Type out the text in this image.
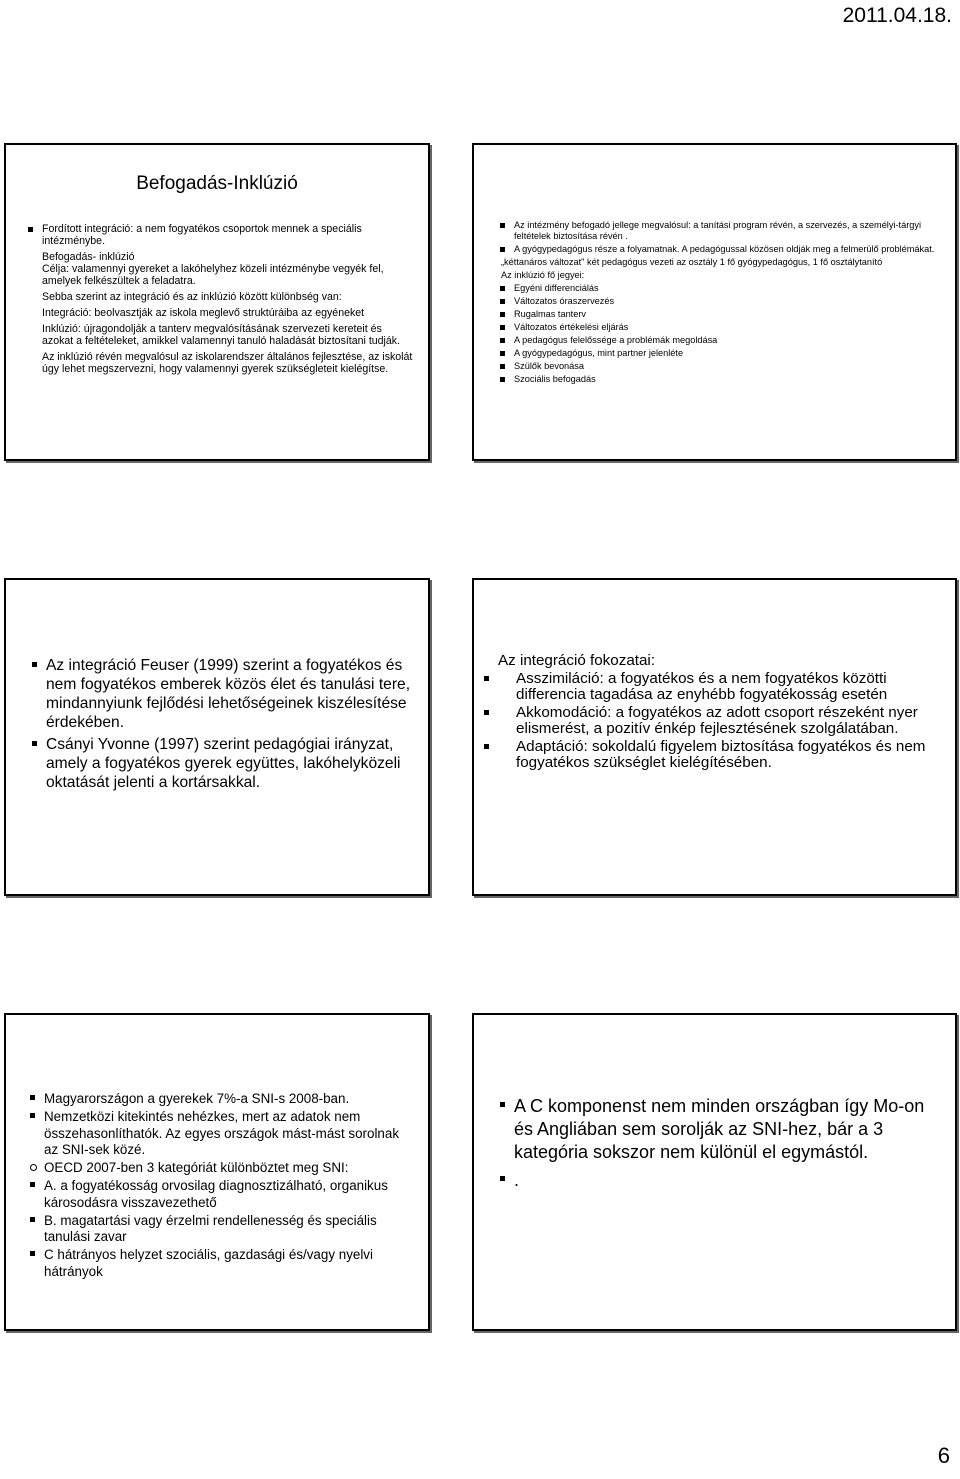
2011.04.18.
Befogadás-Inklúzió
Fordított integráció: a nem fogyatékos csoportok mennek a speciális intézménybe.
Befogadás- inklúzió
Célja: valamennyi gyereket a lakóhelyhez közeli intézménybe vegyék fel, amelyek felkészültek a feladatra.
Sebba szerint az integráció és az inklúzió között különbség van:
Integráció: beolvasztják az iskola meglevő struktúráiba az egyéneket
Inklúzió: újragondolják a tanterv megvalósításának szervezeti kereteit és azokat a feltételeket, amikkel valamennyi tanuló haladását biztosítani tudják.
Az inklúzió révén megvalósul az iskolarendszer általános fejlesztése, az iskolát úgy lehet megszervezni, hogy valamennyi gyerek szükségleteit kielégítse.
Az intézmény befogadó jellege megvalósul: a tanítási program révén, a szervezés, a személyi-tárgyi feltételek biztosítása révén .
A gyógypedagógus része a folyamatnak. A pedagógussal közösen oldják meg a felmerülő problémákat.
„kéttanáros változat" két pedagógus vezeti az osztály 1 fő gyógypedagógus, 1 fő osztálytanító
Az inklúzió fő jegyei:
Egyéni differenciálás
Változatos óraszervezés
Rugalmas tanterv
Változatos értékelési eljárás
A pedagógus felelőssége a problémák megoldása
A gyógypedagógus, mint partner jelenléte
Szülők bevonása
Szociális befogadás
Az integráció Feuser (1999) szerint a fogyatékos és nem fogyatékos emberek közös élet és tanulási tere, mindannyiunk fejlődési lehetőségeinek kiszélesítése érdekében.
Csányi Yvonne (1997) szerint pedagógiai irányzat, amely a fogyatékos gyerek együttes, lakóhelyközeli oktatását jelenti a kortársakkal.
Az integráció fokozatai:
Asszimiláció: a fogyatékos és a nem fogyatékos közötti differencia tagadása az enyhébb fogyatékosság esetén
Akkomodáció: a fogyatékos az adott csoport részeként nyer elismerést, a pozitív énkép fejlesztésének szolgálatában.
Adaptáció: sokoldalú figyelem biztosítása fogyatékos és nem fogyatékos szükséglet kielégítésében.
Magyarországon a gyerekek 7%-a SNI-s 2008-ban.
Nemzetközi kitekintés nehézkes, mert az adatok nem összehasonlíthatók. Az egyes országok mást-mást sorolnak az SNI-sek közé.
OECD 2007-ben 3 kategóriát különböztet meg SNI:
A. a fogyatékosság orvosilag diagnosztizálható, organikus károsodásra visszavezethető
B. magatartási vagy érzelmi rendellenesség és speciális tanulási zavar
C hátrányos helyzet szociális, gazdasági és/vagy nyelvi hátrányok
A C komponenst nem minden országban így Mo-on és Angliában sem sorolják az SNI-hez, bár a 3 kategória sokszor nem különül el egymástól.
.
6
